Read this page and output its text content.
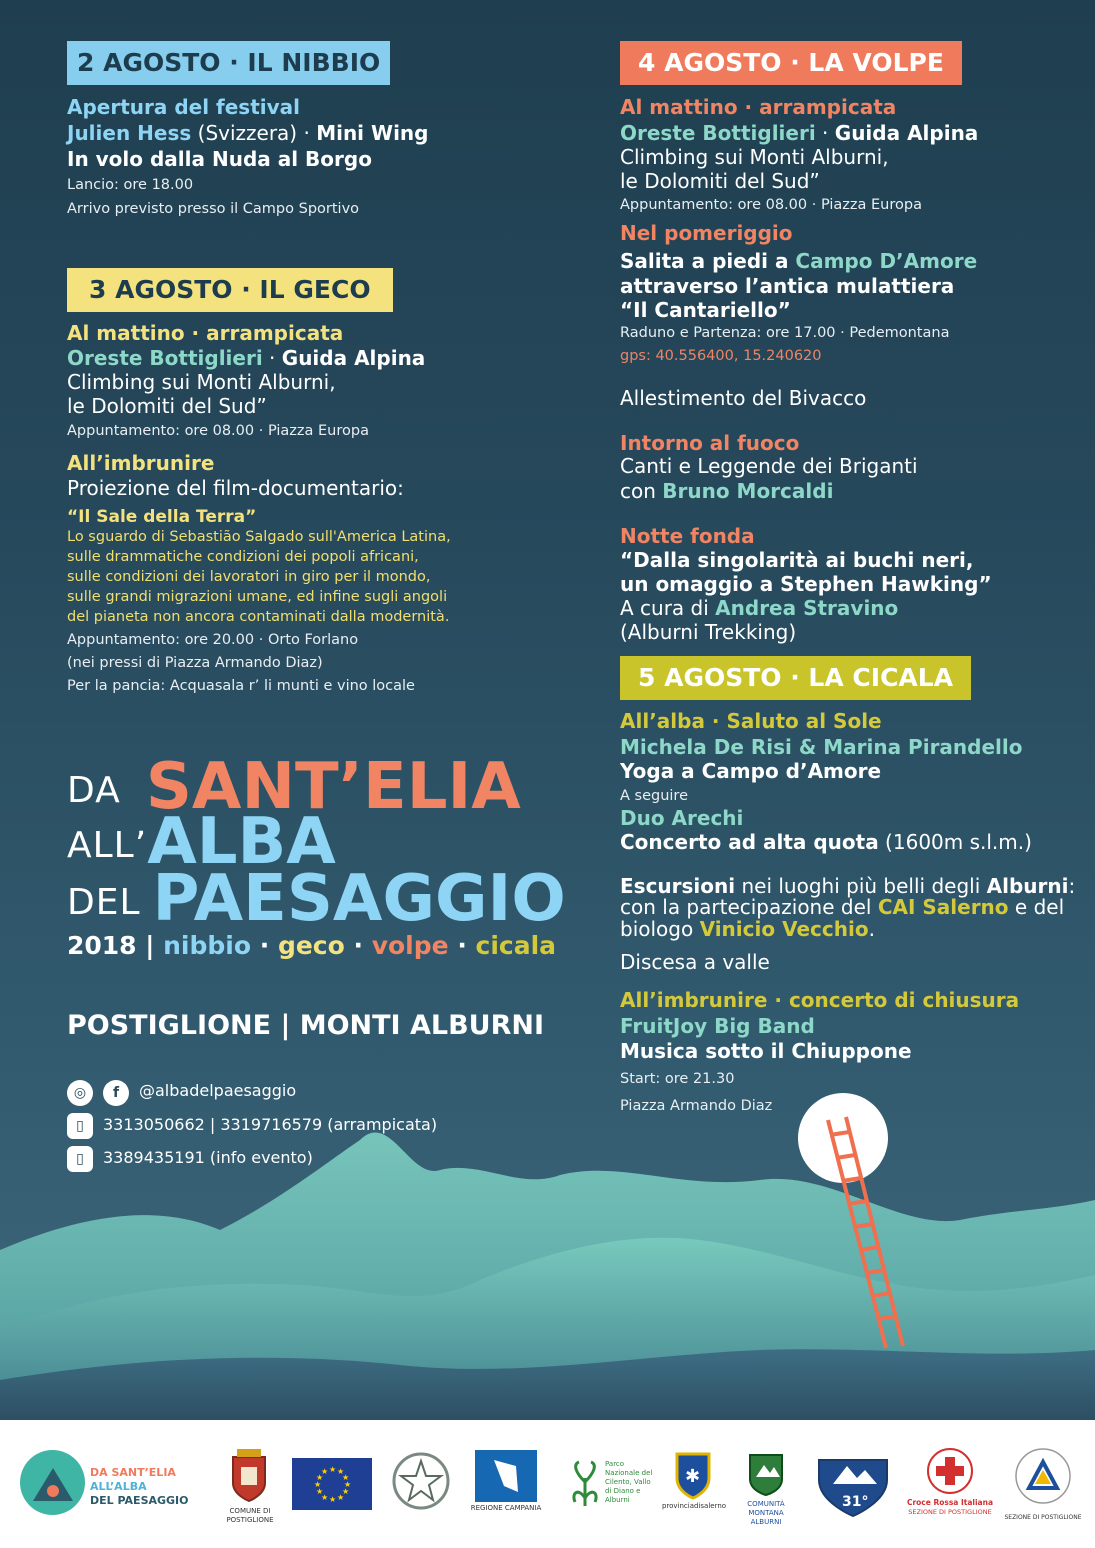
2 AGOSTO · IL NIBBIO
Apertura del festival
Julien Hess (Svizzera) · Mini Wing
In volo dalla Nuda al Borgo
Lancio: ore 18.00
Arrivo previsto presso il Campo Sportivo
3 AGOSTO · IL GECO
Al mattino · arrampicata
Oreste Bottiglieri · Guida Alpina
Climbing sui Monti Alburni,
le Dolomiti del Sud”
Appuntamento: ore 08.00 · Piazza Europa
All’imbrunire
Proiezione del film-documentario:
“Il Sale della Terra”
Lo sguardo di Sebastião Salgado sull'America Latina,
sulle drammatiche condizioni dei popoli africani,
sulle condizioni dei lavoratori in giro per il mondo,
sulle grandi migrazioni umane, ed infine sugli angoli
del pianeta non ancora contaminati dalla modernità.
Appuntamento: ore 20.00 · Orto Forlano
(nei pressi di Piazza Armando Diaz)
Per la pancia: Acquasala r’ li munti e vino locale
DA SANT’ELIA
ALL’ALBA
DEL PAESAGGIO
2018 | nibbio · geco · volpe · cicala
POSTIGLIONE | MONTI ALBURNI
◎	f	@albadelpaesaggio
▯	3313050662 | 3319716579 (arrampicata)
▯	3389435191 (info evento)
4 AGOSTO · LA VOLPE
Al mattino · arrampicata
Oreste Bottiglieri · Guida Alpina
Climbing sui Monti Alburni,
le Dolomiti del Sud”
Appuntamento: ore 08.00 · Piazza Europa
Nel pomeriggio
Salita a piedi a Campo D’Amore
attraverso l’antica mulattiera
“Il Cantariello”
Raduno e Partenza: ore 17.00 · Pedemontana
gps: 40.556400, 15.240620
Allestimento del Bivacco
Intorno al fuoco
Canti e Leggende dei Briganti
con Bruno Morcaldi
Notte fonda
“Dalla singolarità ai buchi neri,
un omaggio a Stephen Hawking”
A cura di Andrea Stravino
(Alburni Trekking)
5 AGOSTO · LA CICALA
All’alba · Saluto al Sole
Michela De Risi & Marina Pirandello
Yoga a Campo d’Amore
A seguire
Duo Arechi
Concerto ad alta quota (1600m s.l.m.)
Escursioni nei luoghi più belli degli Alburni:
con la partecipazione del CAI Salerno e del
biologo Vinicio Vecchio.
Discesa a valle
All’imbrunire · concerto di chiusura
FruitJoy Big Band
Musica sotto il Chiuppone
Start: ore 21.30
Piazza Armando Diaz
DA SANT’ELIA
ALL’ALBA
DEL PAESAGGIO
COMUNE DI
POSTIGLIONE
★ ★
★
★
★
★
★
★
★
★
★
★
REGIONE CAMPANIA
Parco Nazionale del Cilento, Vallo di Diano e Alburni
✱
provinciadisalerno	COMUNITÀ MONTANA ALBURNI
31°	Croce Rossa Italiana
SEZIONE DI POSTIGLIONE
SEZIONE DI POSTIGLIONE
